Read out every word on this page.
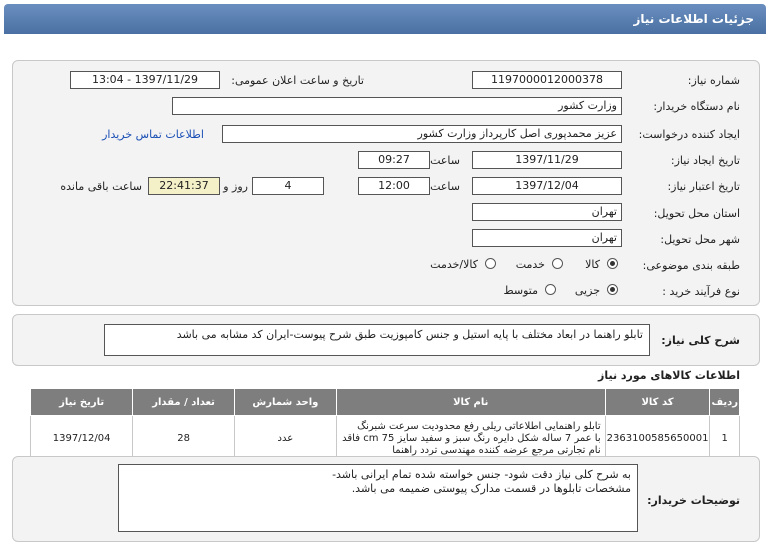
جزئیات اطلاعات نیاز
شماره نیاز:
1197000012000378
تاریخ و ساعت اعلان عمومی:
1397/11/29 - 13:04
نام دستگاه خریدار:
وزارت کشور
ایجاد کننده درخواست:
عزیز محمدپوری اصل کارپرداز وزارت کشور
اطلاعات تماس خریدار
تاریخ ایجاد نیاز:
1397/11/29
ساعت
09:27
تاریخ اعتبار نیاز:
1397/12/04
ساعت
12:00
4
روز و
22:41:37
ساعت باقی مانده
استان محل تحویل:
تهران
شهر محل تحویل:
تهران
طبقه بندی موضوعی:
کالا
خدمت
کالا/خدمت
نوع فرآیند خرید :
جزیی
متوسط
شرح کلی نیاز:
تابلو راهنما در ابعاد مختلف با پایه استیل و جنس کامپوزیت طبق شرح پیوست-ایران کد مشابه می باشد
اطلاعات کالاهای مورد نیاز
ردیف	کد کالا	نام کالا	واحد شمارش	تعداد / مقدار	تاریخ نیاز
1	2363100585650001	تابلو راهنمایی اطلاعاتی ریلی رفع محدودیت سرعت شبرنگ
با عمر 7 ساله شکل دایره رنگ سبز و سفید سایز 75 cm فاقد
نام تجارتی مرجع عرضه کننده مهندسی تردد راهنما	عدد	28	1397/12/04
توضیحات خریدار:
به شرح کلی نیاز دقت شود- جنس خواسته شده تمام ایرانی باشد-
مشخصات تابلوها در قسمت مدارک پیوستی ضمیمه می باشد.
